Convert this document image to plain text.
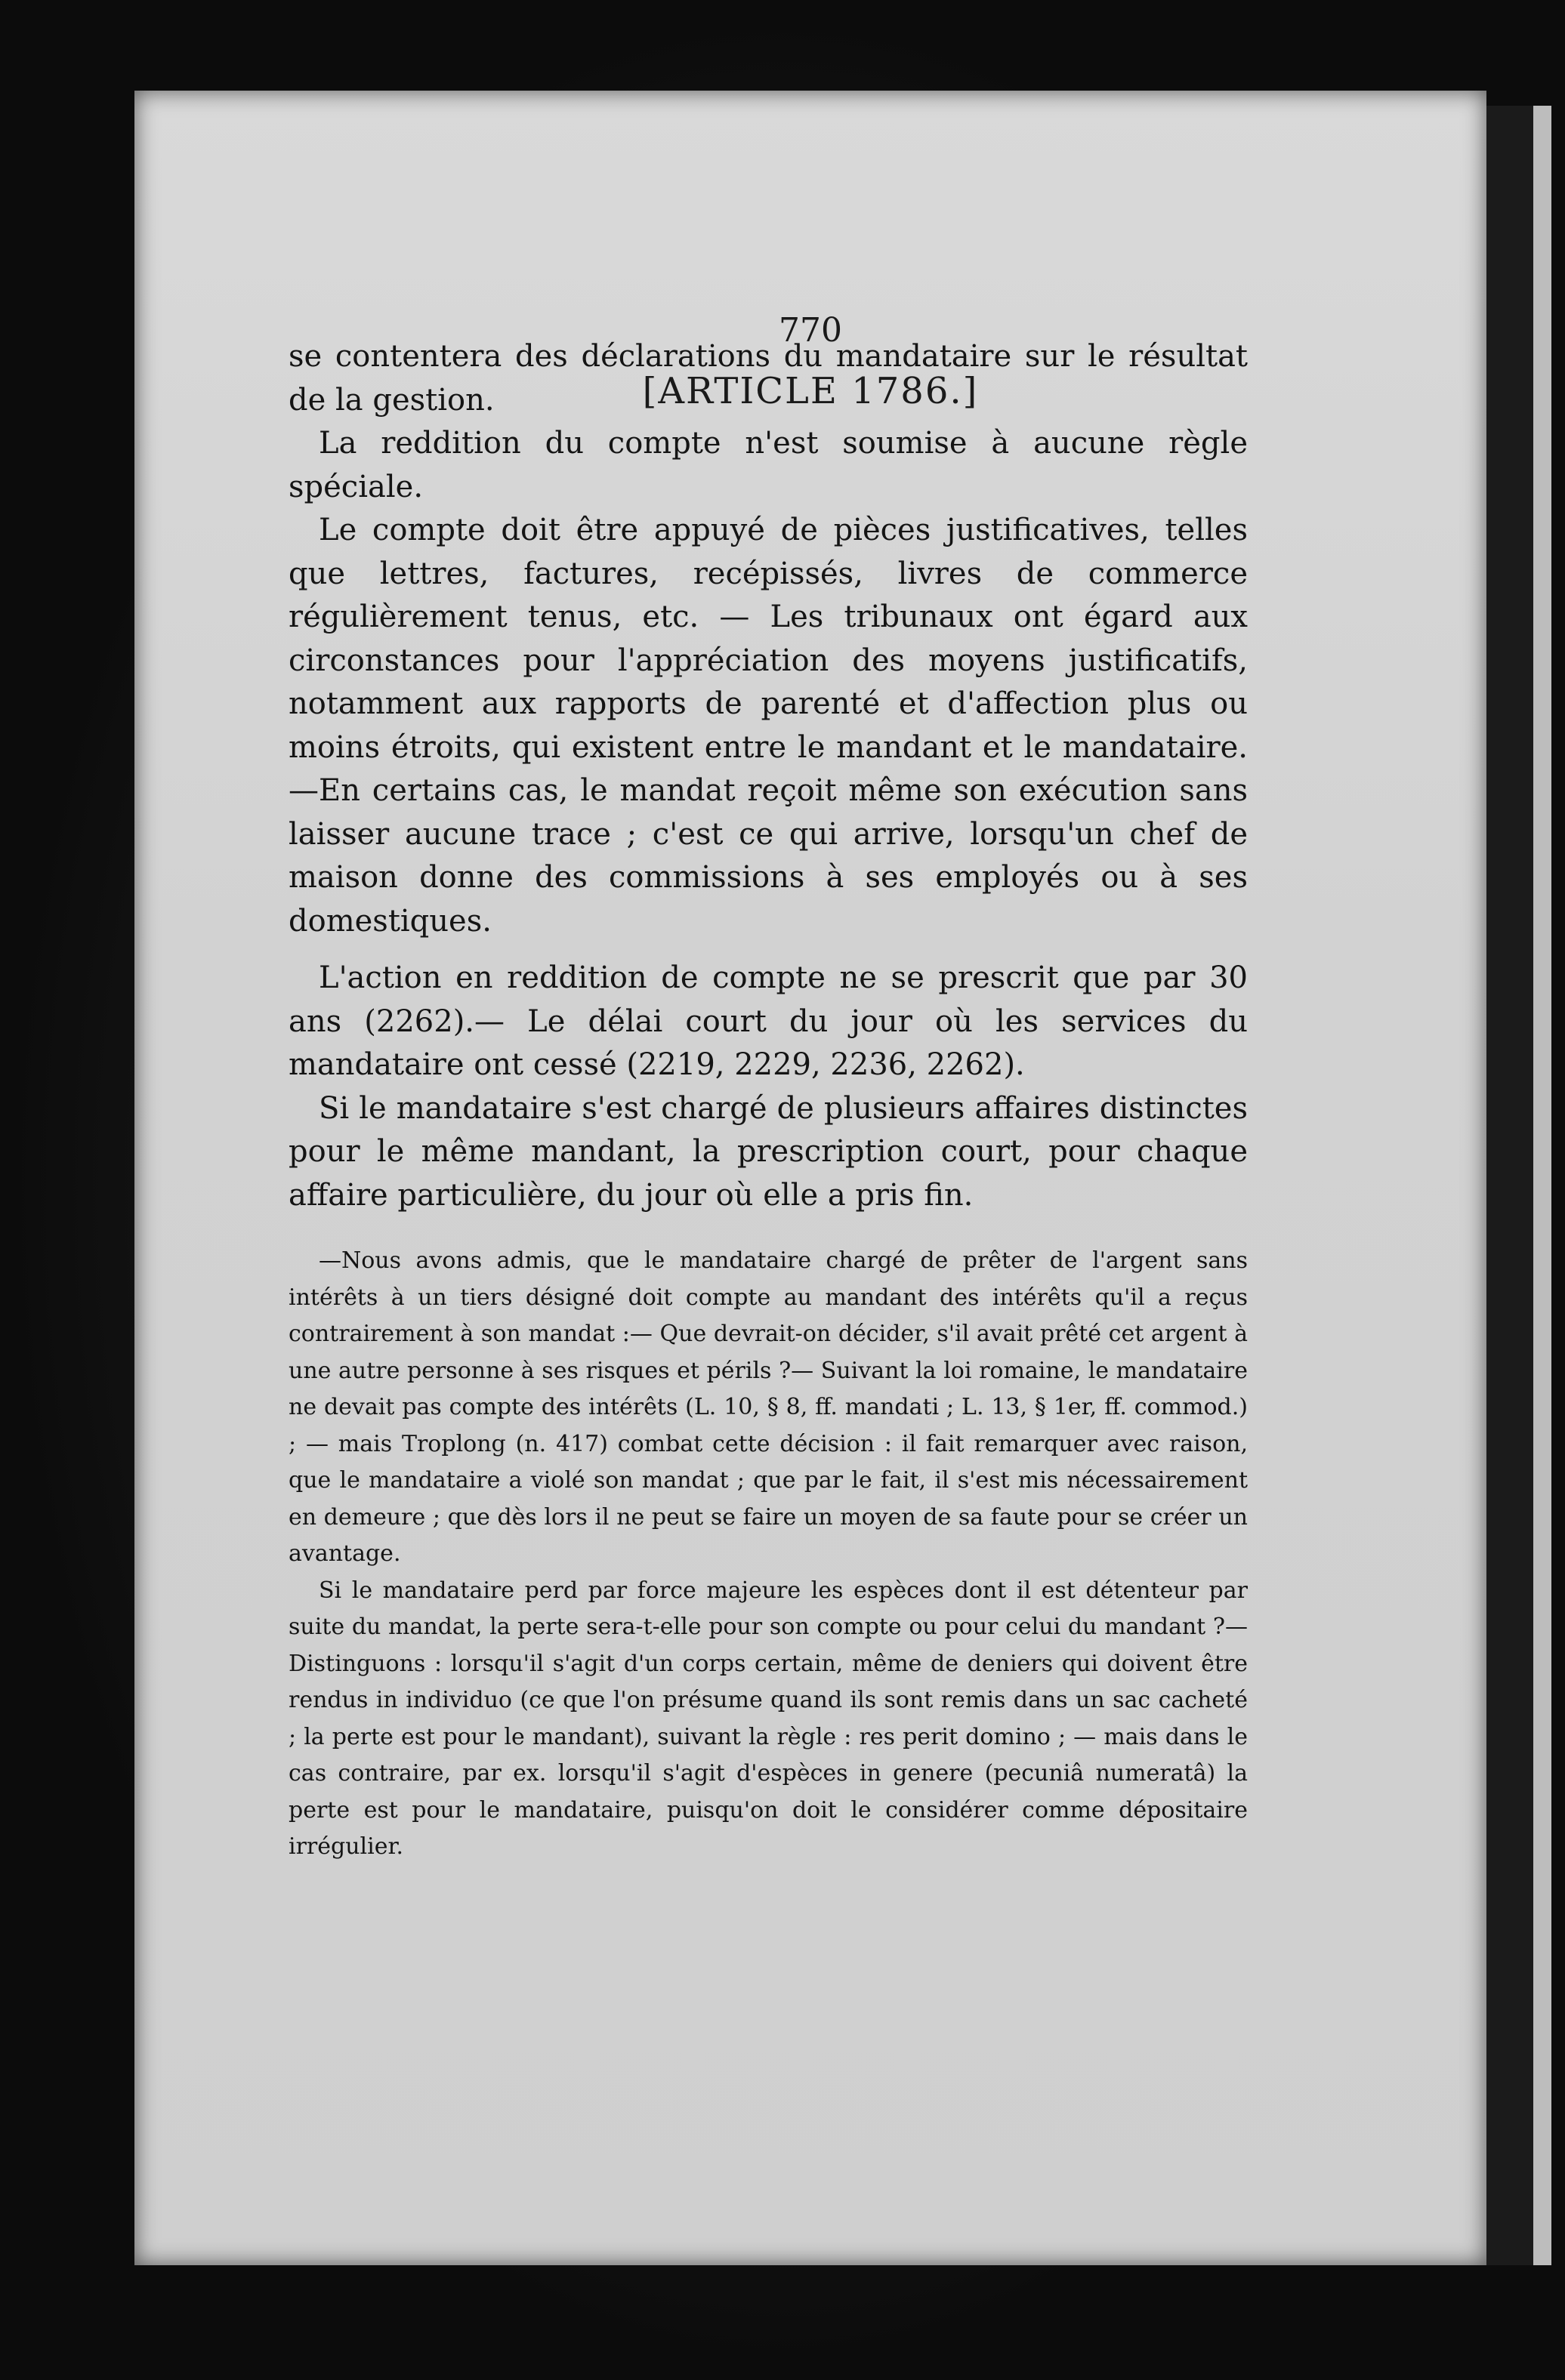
770
[ARTICLE 1786.]

se contentera des déclarations du mandataire sur le résultat de la gestion.

La reddition du compte n'est soumise à aucune règle spéciale.

Le compte doit être appuyé de pièces justificatives, telles que lettres, factures, recépissés, livres de commerce régulièrement tenus, etc. — Les tribunaux ont égard aux circonstances pour l'appréciation des moyens justificatifs, notamment aux rapports de parenté et d'affection plus ou moins étroits, qui existent entre le mandant et le mandataire.—En certains cas, le mandat reçoit même son exécution sans laisser aucune trace ; c'est ce qui arrive, lorsqu'un chef de maison donne des commissions à ses employés ou à ses domestiques.

L'action en reddition de compte ne se prescrit que par 30 ans (2262).— Le délai court du jour où les services du mandataire ont cessé (2219, 2229, 2236, 2262).

Si le mandataire s'est chargé de plusieurs affaires distinctes pour le même mandant, la prescription court, pour chaque affaire particulière, du jour où elle a pris fin.

—Nous avons admis, que le mandataire chargé de prêter de l'argent sans intérêts à un tiers désigné doit compte au mandant des intérêts qu'il a reçus contrairement à son mandat :— Que devrait-on décider, s'il avait prêté cet argent à une autre personne à ses risques et périls ?— Suivant la loi romaine, le mandataire ne devait pas compte des intérêts (L. 10, § 8, ff. mandati ; L. 13, § 1er, ff. commod.) ; — mais Troplong (n. 417) combat cette décision : il fait remarquer avec raison, que le mandataire a violé son mandat ; que par le fait, il s'est mis nécessairement en demeure ; que dès lors il ne peut se faire un moyen de sa faute pour se créer un avantage.

Si le mandataire perd par force majeure les espèces dont il est détenteur par suite du mandat, la perte sera-t-elle pour son compte ou pour celui du mandant ?— Distinguons : lorsqu'il s'agit d'un corps certain, même de deniers qui doivent être rendus in individuo (ce que l'on présume quand ils sont remis dans un sac cacheté ; la perte est pour le mandant), suivant la règle : res perit domino ; — mais dans le cas contraire, par ex. lorsqu'il s'agit d'espèces in genere (pecuniâ numeratâ) la perte est pour le mandataire, puisqu'on doit le considérer comme dépositaire irrégulier.
